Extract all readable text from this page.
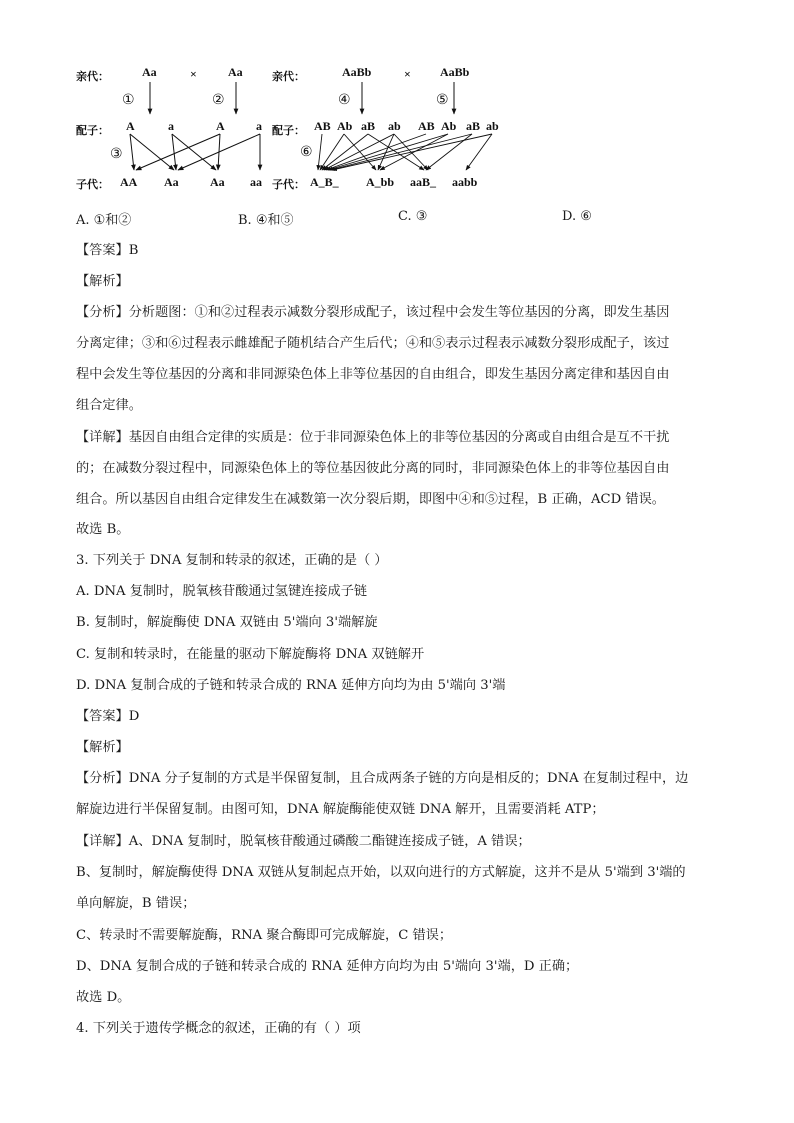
亲代：	Aa	×	Aa
①	②
配子： A	a	A	a
③
子代： AA Aa	Aa aa
亲代：	AaBb	× AaBb
④	⑤
配子： AB Ab aB ab AB Ab aB ab
⑥
子代： A_B_ A_bb aaB_ aabb
A. ①和②	B. ④和⑤	C. ③	D. ⑥
【答案】B
【解析】
【分析】分析题图：①和②过程表示减数分裂形成配子，该过程中会发生等位基因的分离，即发生基因
分离定律；③和⑥过程表示雌雄配子随机结合产生后代；④和⑤表示过程表示减数分裂形成配子，该过
程中会发生等位基因的分离和非同源染色体上非等位基因的自由组合，即发生基因分离定律和基因自由
组合定律。
【详解】基因自由组合定律的实质是：位于非同源染色体上的非等位基因的分离或自由组合是互不干扰
的；在减数分裂过程中，同源染色体上的等位基因彼此分离的同时，非同源染色体上的非等位基因自由
组合。所以基因自由组合定律发生在减数第一次分裂后期，即图中④和⑤过程，B 正确，ACD 错误。
故选 B。
3. 下列关于 DNA 复制和转录的叙述，正确的是（ ）
A. DNA 复制时，脱氧核苷酸通过氢键连接成子链
B. 复制时，解旋酶使 DNA 双链由 5'端向 3'端解旋
C. 复制和转录时，在能量的驱动下解旋酶将 DNA 双链解开
D. DNA 复制合成的子链和转录合成的 RNA 延伸方向均为由 5'端向 3'端
【答案】D
【解析】
【分析】DNA 分子复制的方式是半保留复制，且合成两条子链的方向是相反的；DNA 在复制过程中，边
解旋边进行半保留复制。由图可知，DNA 解旋酶能使双链 DNA 解开，且需要消耗 ATP；
【详解】A、DNA 复制时，脱氧核苷酸通过磷酸二酯键连接成子链，A 错误；
B、复制时，解旋酶使得 DNA 双链从复制起点开始，以双向进行的方式解旋，这并不是从 5'端到 3'端的
单向解旋，B 错误；
C、转录时不需要解旋酶，RNA 聚合酶即可完成解旋，C 错误；
D、DNA 复制合成的子链和转录合成的 RNA 延伸方向均为由 5'端向 3'端，D 正确；
故选 D。
4. 下列关于遗传学概念的叙述，正确的有（ ）项
